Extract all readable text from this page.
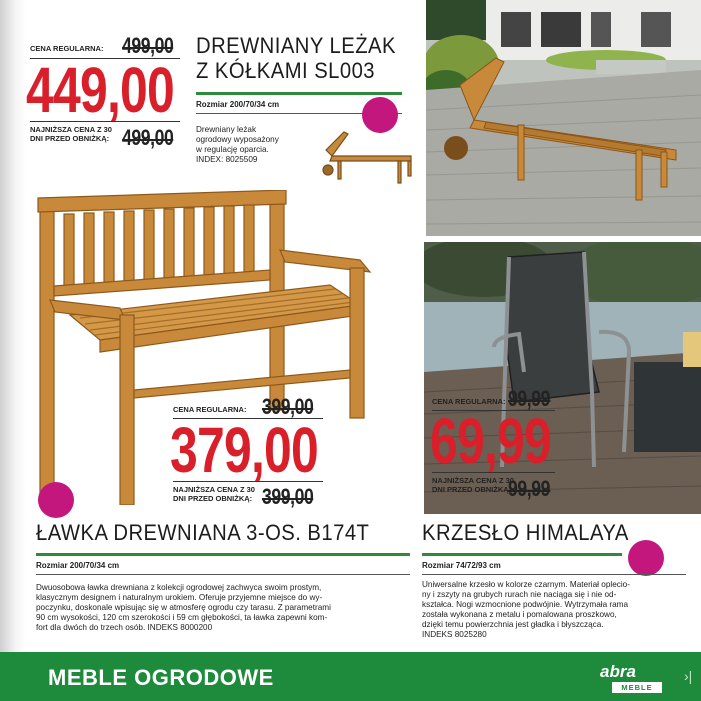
CENA REGULARNA: 499,00
449,00
NAJNIŻSZA CENA Z 30 DNI PRZED OBNIŻKĄ: 499,00
DREWNIANY LEŻAK
Z KÓŁKAMI SL003
Rozmiar 200/70/34 cm
Drewniany leżak
ogrodowy wyposażony
w regulację oparcia.
INDEX: 8025509
CENA REGULARNA: 399,00
379,00
NAJNIŻSZA CENA Z 30 DNI PRZED OBNIŻKĄ: 399,00
ŁAWKA DREWNIANA 3-OS. B174T
Rozmiar 200/70/34 cm
Dwuosobowa ławka drewniana z kolekcji ogrodowej zachwyca swoim prostym,
klasycznym designem i naturalnym urokiem. Oferuje przyjemne miejsce do wy-
poczynku, doskonale wpisując się w atmosferę ogrodu czy tarasu. Z parametrami
90 cm wysokości, 120 cm szerokości i 59 cm głębokości, ta ławka zapewni kom-
fort dla dwóch do trzech osób. INDEKS 8000200
CENA REGULARNA: 99,99
69,99
NAJNIŻSZA CENA Z 30 DNI PRZED OBNIŻKĄ:
99,99
KRZESŁO HIMALAYA
Rozmiar 74/72/93 cm
Uniwersalne krzesło w kolorze czarnym. Materiał opleciо-
ny i zszyty na grubych rurach nie naciąga się i nie od-
kształca. Nogi wzmocnione podwójnie. Wytrzymała rama
została wykonana z metalu i pomalowana proszkowo,
dzięki temu powierzchnia jest gładka i błyszcząca.
INDEKS 8025280
MEBLE OGRODOWE	abra
MEBLE
›|
